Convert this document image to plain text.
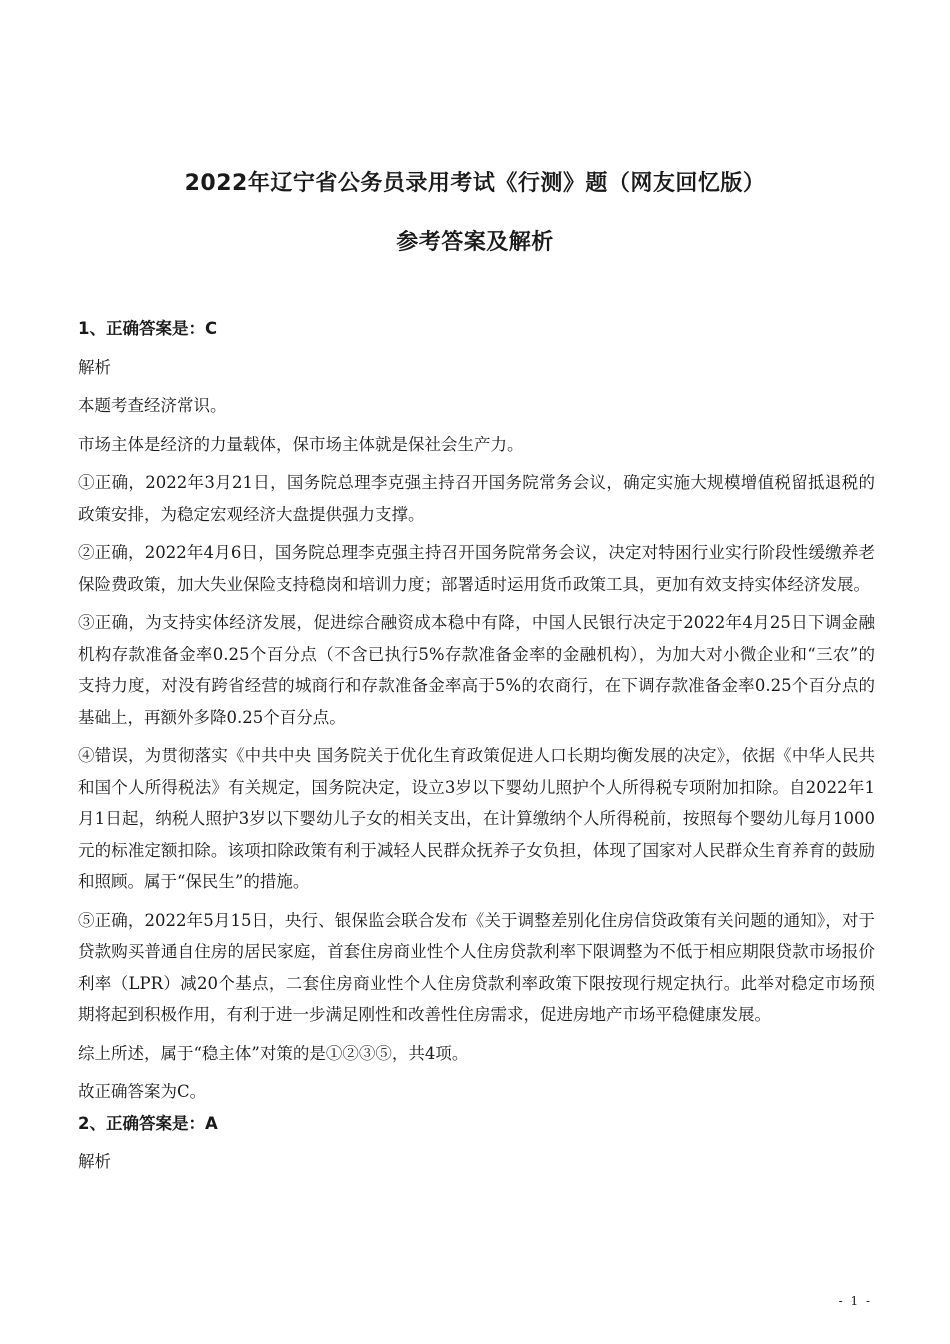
2022年辽宁省公务员录用考试《行测》题（网友回忆版）
参考答案及解析

1、正确答案是：C

解析

本题考查经济常识。

市场主体是经济的力量载体，保市场主体就是保社会生产力。

①正确，2022年3月21日，国务院总理李克强主持召开国务院常务会议，确定实施大规模增值税留抵退税的政策安排，为稳定宏观经济大盘提供强力支撑。

②正确，2022年4月6日，国务院总理李克强主持召开国务院常务会议，决定对特困行业实行阶段性缓缴养老保险费政策，加大失业保险支持稳岗和培训力度；部署适时运用货币政策工具，更加有效支持实体经济发展。

③正确，为支持实体经济发展，促进综合融资成本稳中有降，中国人民银行决定于2022年4月25日下调金融机构存款准备金率0.25个百分点（不含已执行5%存款准备金率的金融机构），为加大对小微企业和“三农”的支持力度，对没有跨省经营的城商行和存款准备金率高于5%的农商行，在下调存款准备金率0.25个百分点的基础上，再额外多降0.25个百分点。

④错误，为贯彻落实《中共中央 国务院关于优化生育政策促进人口长期均衡发展的决定》，依据《中华人民共和国个人所得税法》有关规定，国务院决定，设立3岁以下婴幼儿照护个人所得税专项附加扣除。自2022年1月1日起，纳税人照护3岁以下婴幼儿子女的相关支出，在计算缴纳个人所得税前，按照每个婴幼儿每月1000元的标准定额扣除。该项扣除政策有利于减轻人民群众抚养子女负担，体现了国家对人民群众生育养育的鼓励和照顾。属于“保民生”的措施。

⑤正确，2022年5月15日，央行、银保监会联合发布《关于调整差别化住房信贷政策有关问题的通知》，对于贷款购买普通自住房的居民家庭，首套住房商业性个人住房贷款利率下限调整为不低于相应期限贷款市场报价利率（LPR）减20个基点，二套住房商业性个人住房贷款利率政策下限按现行规定执行。此举对稳定市场预期将起到积极作用，有利于进一步满足刚性和改善性住房需求，促进房地产市场平稳健康发展。

综上所述，属于“稳主体”对策的是①②③⑤，共4项。

故正确答案为C。

2、正确答案是：A

解析

- 1 -
